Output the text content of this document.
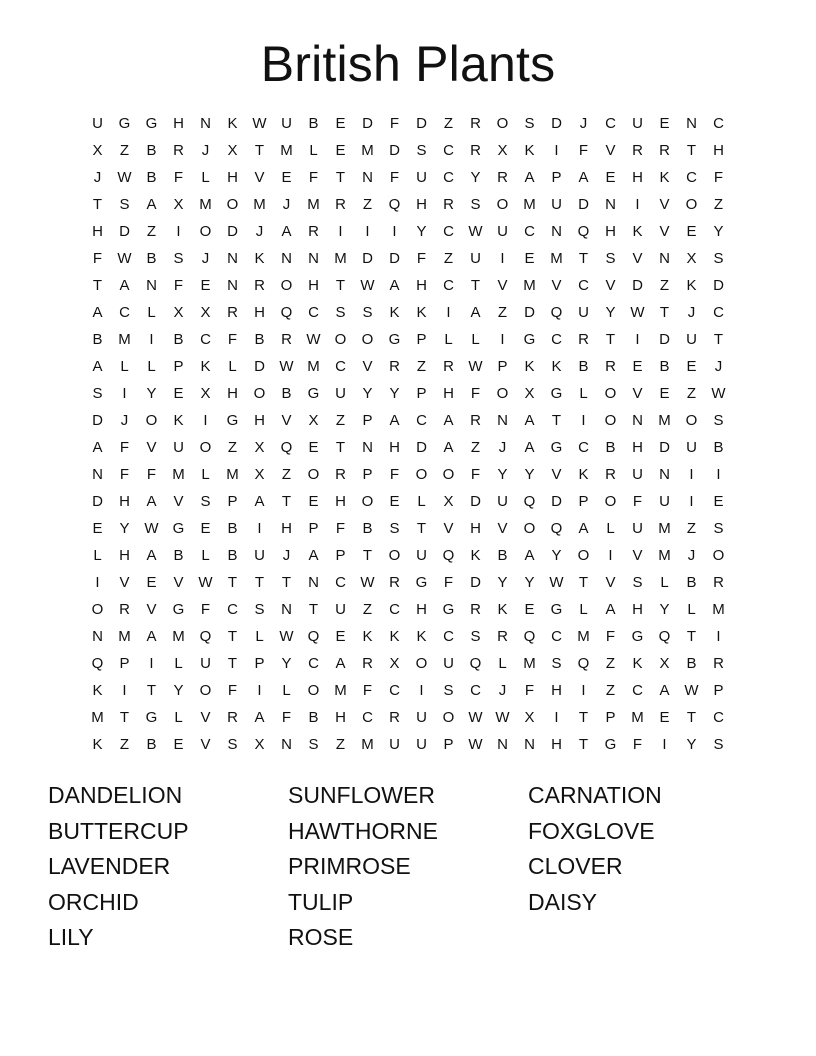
British Plants
U	G	G	H	N	K W U	B	E	D	F	D	Z	R	O	S	D	J	C	U	E	N	C
X	Z	B	R	J	X	T	M	L	E	M	D	S	C	R	X	K	I	F	V	R	R	T	H
J	W B	F	L	H	V	E	F	T	N	F	U	C	Y	R	A	P	A	E	H	K	C	F
T	S	A	X	M O M	J	M	R	Z	Q	H	R	S	O M	U	D	N	I	V	O	Z
H	D	Z	I	O	D	J	A	R	I	I	I	Y	C W U	C	N	Q	H	K	V	E	Y
F	W B	S	J	N	K	N	N	M	D	D	F	Z	U	I	E	M	T	S	V	N	X	S
T	A	N	F	E	N	R	O	H	T	W A	H	C	T	V	M	V	C	V	D	Z	K	D
A	C	L	X	X	R	H	Q	C	S	S	K	K	I	A	Z	D	Q	U	Y W	T	J	C
B	M	I	B	C	F	B	R W O	O	G	P	L	L	I	G	C	R	T	I	D	U	T
A	L	L	P	K	L	D W M	C	V	R	Z	R W P	K	K	B	R	E	B	E	J
S	I	Y	E	X	H	O	B	G	U	Y	Y	P	H	F	O	X	G	L	O	V	E	Z	W
D	J	O	K	I	G	H	V	X	Z	P	A	C	A	R	N	A	T	I	O	N	M O	S
A	F	V	U	O	Z	X	Q	E	T	N	H	D	A	Z	J	A	G	C	B	H	D	U	B
N	F	F	M	L	M	X	Z	O	R	P	F	O	O	F	Y	Y	V	K	R	U	N	I	I
D	H	A	V	S	P	A	T	E	H	O	E	L	X	D	U	Q	D	P	O	F	U	I	E
E	Y W G	E	B	I	H	P	F	B	S	T	V	H	V	O	Q	A	L	U	M	Z	S
L	H	A	B	L	B	U	J	A	P	T	O	U	Q	K	B	A	Y	O	I	V	M	J	O
I	V	E	V W	T	T	T	N	C W R	G	F	D	Y	Y W	T	V	S	L	B	R
O	R	V	G	F	C	S	N	T	U	Z	C	H	G	R	K	E	G	L	A	H	Y	L	M
N	M	A	M Q	T	L	W Q	E	K	K	K	C	S	R	Q	C	M	F	G	Q	T	I
Q	P	I	L	U	T	P	Y	C	A	R	X	O	U	Q	L	M	S	Q	Z	K	X	B	R
K	I	T	Y	O	F	I	L	O M	F	C	I	S	C	J	F	H	I	Z	C	A W P
M	T	G	L	V	R	A	F	B	H	C	R	U	O W W X	I	T	P	M	E	T	C
K	Z	B	E	V	S	X	N	S	Z	M	U	U	P W N	N	H	T	G	F	I	Y	S
DANDELION
BUTTERCUP
LAVENDER
ORCHID
LILY
SUNFLOWER
HAWTHORNE
PRIMROSE
TULIP
ROSE
CARNATION
FOXGLOVE
CLOVER
DAISY
